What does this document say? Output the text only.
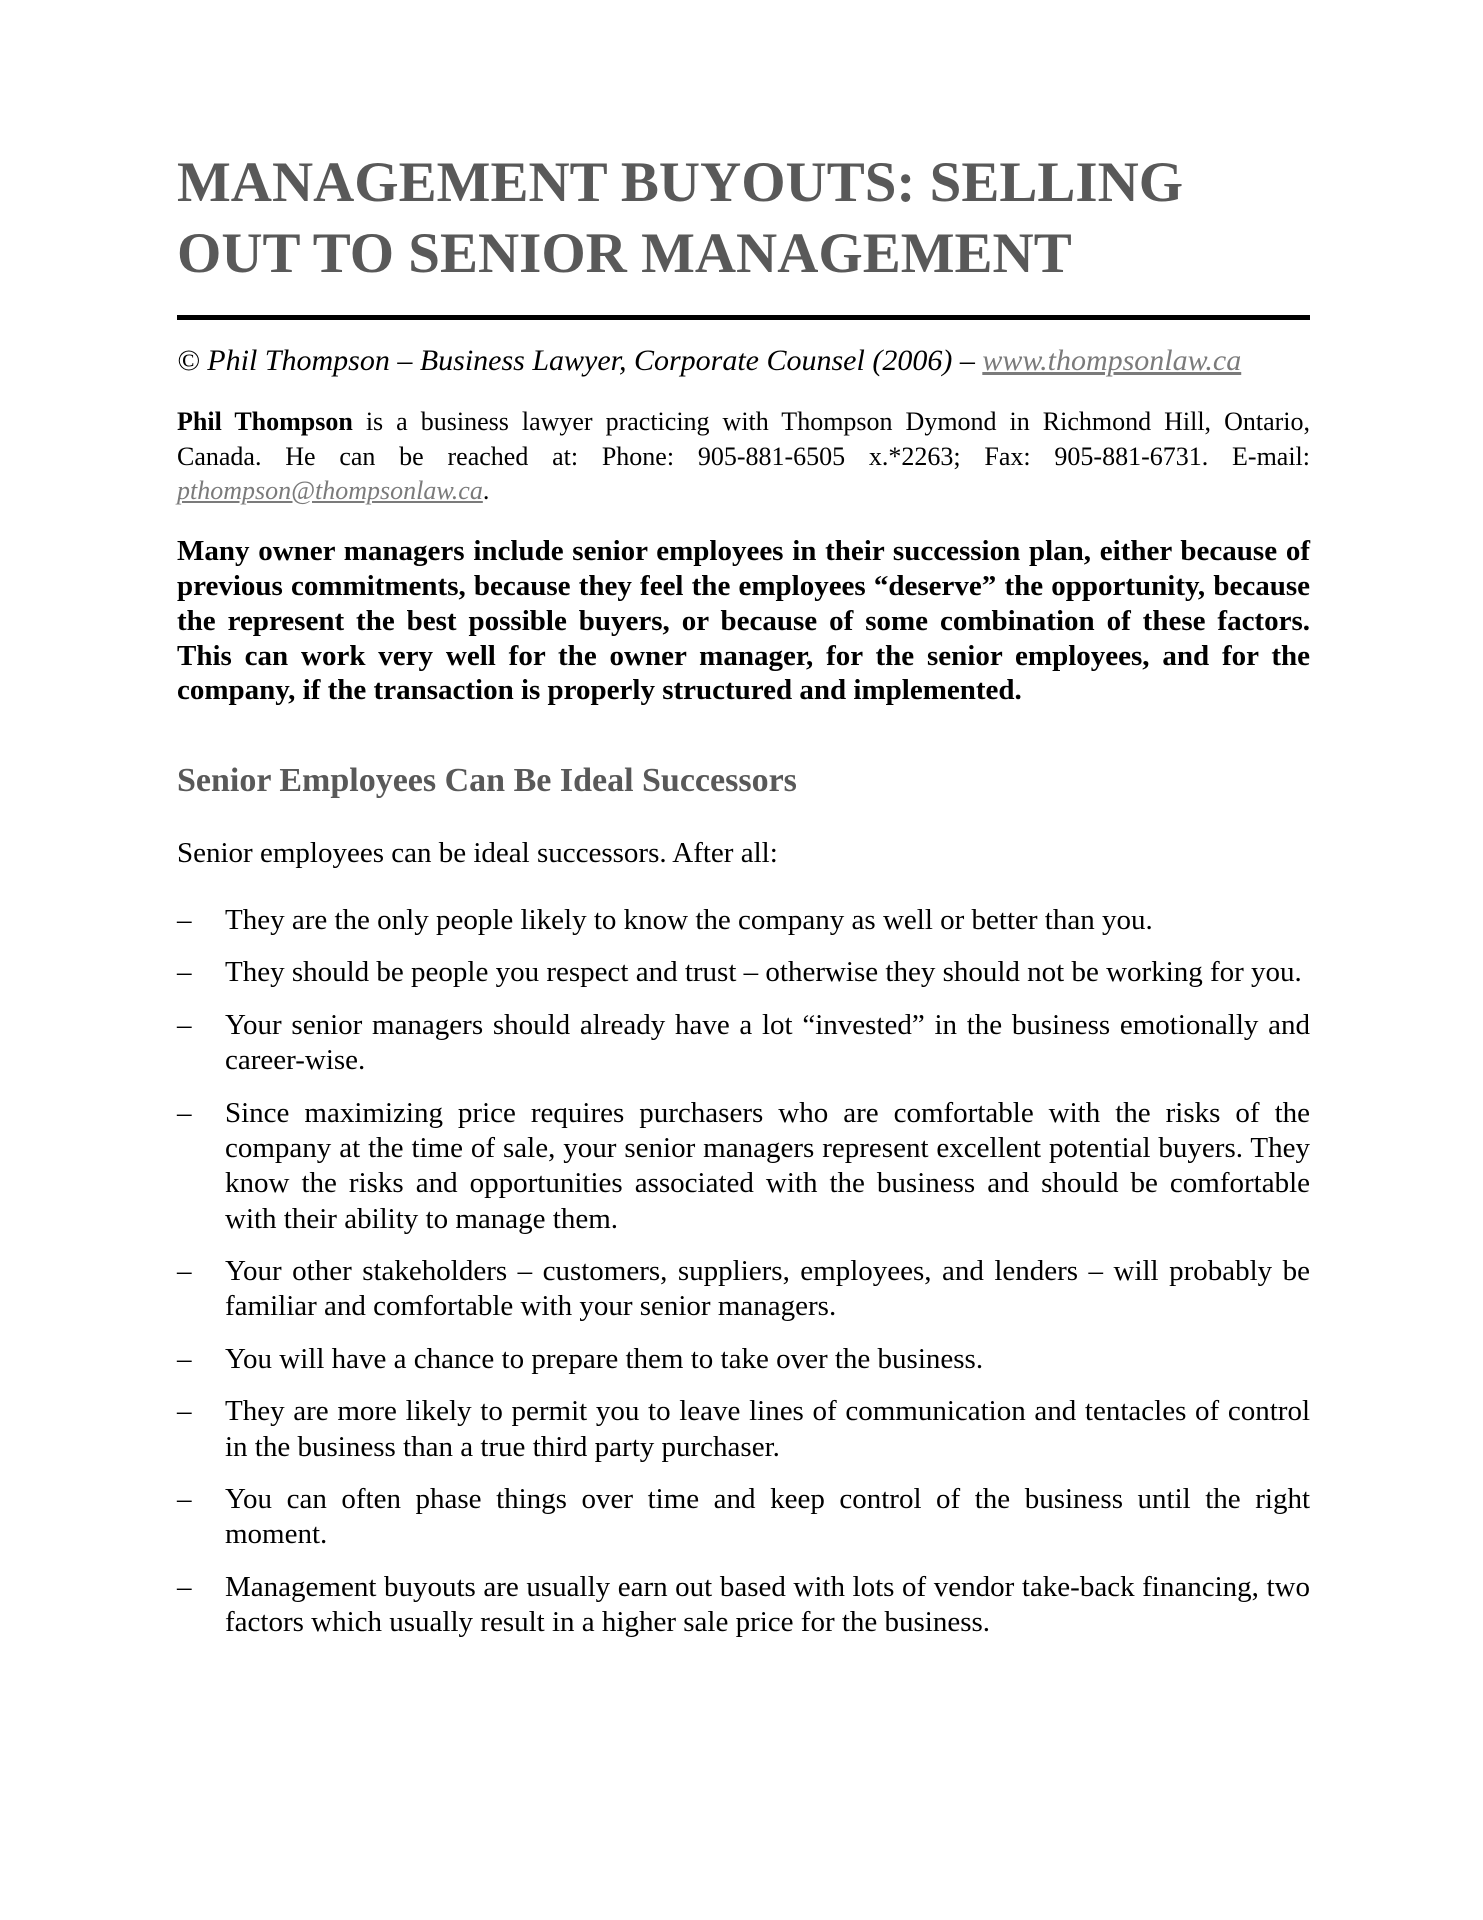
MANAGEMENT BUYOUTS: SELLING OUT TO SENIOR MANAGEMENT

© Phil Thompson – Business Lawyer, Corporate Counsel (2006) – www.thompsonlaw.ca

Phil Thompson is a business lawyer practicing with Thompson Dymond in Richmond Hill, Ontario, Canada. He can be reached at: Phone: 905-881-6505 x.*2263; Fax: 905-881-6731. E-mail: pthompson@thompsonlaw.ca.

Many owner managers include senior employees in their succession plan, either because of previous commitments, because they feel the employees “deserve” the opportunity, because the represent the best possible buyers, or because of some combination of these factors. This can work very well for the owner manager, for the senior employees, and for the company, if the transaction is properly structured and implemented.

Senior Employees Can Be Ideal Successors

Senior employees can be ideal successors. After all:

–	They are the only people likely to know the company as well or better than you.
–	They should be people you respect and trust – otherwise they should not be working for you.
–	Your senior managers should already have a lot “invested” in the business emotionally and career-wise.
–	Since maximizing price requires purchasers who are comfortable with the risks of the company at the time of sale, your senior managers represent excellent potential buyers. They know the risks and opportunities associated with the business and should be comfortable with their ability to manage them.
–	Your other stakeholders – customers, suppliers, employees, and lenders – will probably be familiar and comfortable with your senior managers.
–	You will have a chance to prepare them to take over the business.
–	They are more likely to permit you to leave lines of communication and tentacles of control in the business than a true third party purchaser.
–	You can often phase things over time and keep control of the business until the right moment.
–	Management buyouts are usually earn out based with lots of vendor take-back financing, two factors which usually result in a higher sale price for the business.
